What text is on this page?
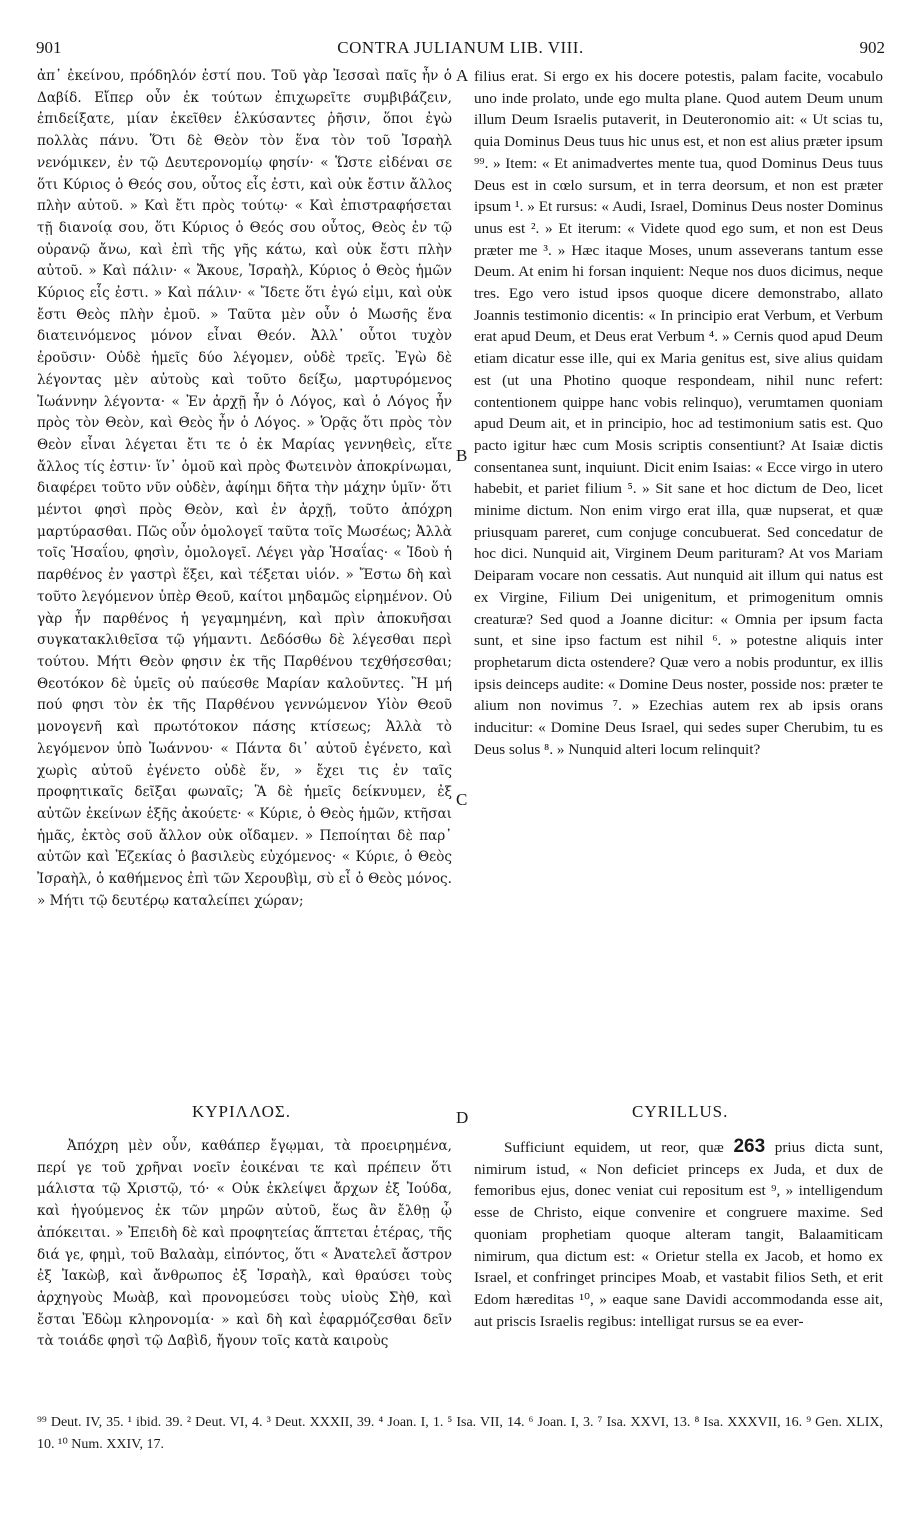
901	CONTRA JULIANUM LIB. VIII.	902

ἀπ᾽ ἐκείνου, πρόδηλόν ἐστί που. Τοῦ γὰρ Ἰεσσαὶ παῖς ἦν ὁ Δαβίδ. Εἴπερ οὖν ἐκ τούτων ἐπιχωρεῖτε συμβιβάζειν, ἐπιδείξατε, μίαν ἐκεῖθεν ἑλκύσαντες ῥῆσιν, ὅποι ἐγὼ πολλὰς πάνυ. Ὅτι δὲ Θεὸν τὸν ἕνα τὸν τοῦ Ἰσραὴλ νενόμικεν, ἐν τῷ Δευτερονομίῳ φησίν· « Ὥστε εἰδέναι σε ὅτι Κύριος ὁ Θεός σου, οὗτος εἷς ἐστι, καὶ οὐκ ἔστιν ἄλλος πλὴν αὐτοῦ. » Καὶ ἔτι πρὸς τούτῳ· « Καὶ ἐπιστραφήσεται τῇ διανοίᾳ σου, ὅτι Κύριος ὁ Θεός σου οὗτος, Θεὸς ἐν τῷ οὐρανῷ ἄνω, καὶ ἐπὶ τῆς γῆς κάτω, καὶ οὐκ ἔστι πλὴν αὐτοῦ. » Καὶ πάλιν· « Ἄκουε, Ἰσραὴλ, Κύριος ὁ Θεὸς ἡμῶν Κύριος εἷς ἐστι. » Καὶ πάλιν· « Ἴδετε ὅτι ἐγώ εἰμι, καὶ οὐκ ἔστι Θεὸς πλὴν ἐμοῦ. » Ταῦτα μὲν οὖν ὁ Μωσῆς ἕνα διατεινόμενος μόνον εἶναι Θεόν. Ἀλλ᾽ οὗτοι τυχὸν ἐροῦσιν· Οὐδὲ ἡμεῖς δύο λέγομεν, οὐδὲ τρεῖς. Ἐγὼ δὲ λέγοντας μὲν αὐτοὺς καὶ τοῦτο δείξω, μαρτυρόμενος Ἰωάννην λέγοντα· « Ἐν ἀρχῇ ἦν ὁ Λόγος, καὶ ὁ Λόγος ἦν πρὸς τὸν Θεὸν, καὶ Θεὸς ἦν ὁ Λόγος. » Ὁρᾷς ὅτι πρὸς τὸν Θεὸν εἶναι λέγεται ἔτι τε ὁ ἐκ Μαρίας γεννηθεὶς, εἴτε ἄλλος τίς ἐστιν· ἵν᾽ ὁμοῦ καὶ πρὸς Φωτεινὸν ἀποκρίνωμαι, διαφέρει τοῦτο νῦν οὐδὲν, ἀφίημι δῆτα τὴν μάχην ὑμῖν· ὅτι μέντοι φησὶ πρὸς Θεὸν, καὶ ἐν ἀρχῇ, τοῦτο ἀπόχρη μαρτύρασθαι. Πῶς οὖν ὁμολογεῖ ταῦτα τοῖς Μωσέως; Ἀλλὰ τοῖς Ἡσαΐου, φησὶν, ὁμολογεῖ. Λέγει γὰρ Ἡσαΐας· « Ἰδοὺ ἡ παρθένος ἐν γαστρὶ ἕξει, καὶ τέξεται υἱόν. » Ἔστω δὴ καὶ τοῦτο λεγόμενον ὑπὲρ Θεοῦ, καίτοι μηδαμῶς εἰρημένον. Οὐ γὰρ ἦν παρθένος ἡ γεγαμημένη, καὶ πρὶν ἀποκυῆσαι συγκατακλιθεῖσα τῷ γήμαντι. Δεδόσθω δὲ λέγεσθαι περὶ τούτου. Μήτι Θεὸν φησιν ἐκ τῆς Παρθένου τεχθήσεσθαι; Θεοτόκον δὲ ὑμεῖς οὐ παύεσθε Μαρίαν καλοῦντες. Ἢ μή πού φησι τὸν ἐκ τῆς Παρθένου γεννώμενον Υἱὸν Θεοῦ μονογενῆ καὶ πρωτότοκον πάσης κτίσεως; Ἀλλὰ τὸ λεγόμενον ὑπὸ Ἰωάννου· « Πάντα δι᾽ αὐτοῦ ἐγένετο, καὶ χωρὶς αὐτοῦ ἐγένετο οὐδὲ ἕν, » ἔχει τις ἐν ταῖς προφητικαῖς δεῖξαι φωναῖς; Ἃ δὲ ἡμεῖς δείκνυμεν, ἐξ αὐτῶν ἐκείνων ἑξῆς ἀκούετε· « Κύριε, ὁ Θεὸς ἡμῶν, κτῆσαι ἡμᾶς, ἐκτὸς σοῦ ἄλλον οὐκ οἴδαμεν. » Πεποίηται δὲ παρ᾽ αὐτῶν καὶ Ἐζεκίας ὁ βασιλεὺς εὐχόμενος· « Κύριε, ὁ Θεὸς Ἰσραὴλ, ὁ καθήμενος ἐπὶ τῶν Χερουβὶμ, σὺ εἶ ὁ Θεὸς μόνος. » Μήτι τῷ δευτέρῳ καταλείπει χώραν;

filius erat. Si ergo ex his docere potestis, palam facite, vocabulo uno inde prolato, unde ego multa plane. Quod autem Deum unum illum Deum Israelis putaverit, in Deuteronomio ait: « Ut scias tu, quia Dominus Deus tuus hic unus est, et non est alius præter ipsum ⁹⁹. » Item: « Et animadvertes mente tua, quod Dominus Deus tuus Deus est in cœlo sursum, et in terra deorsum, et non est præter ipsum ¹. » Et rursus: « Audi, Israel, Dominus Deus noster Dominus unus est ². » Et iterum: « Videte quod ego sum, et non est Deus præter me ³. » Hæc itaque Moses, unum asseverans tantum esse Deum. At enim hi forsan inquient: Neque nos duos dicimus, neque tres. Ego vero istud ipsos quoque dicere demonstrabo, allato Joannis testimonio dicentis: « In principio erat Verbum, et Verbum erat apud Deum, et Deus erat Verbum ⁴. » Cernis quod apud Deum etiam dicatur esse ille, qui ex Maria genitus est, sive alius quidam est (ut una Photino quoque respondeam, nihil nunc refert: contentionem quippe hanc vobis relinquo), verumtamen quoniam apud Deum ait, et in principio, hoc ad testimonium satis est. Quo pacto igitur hæc cum Mosis scriptis consentiunt? At Isaiæ dictis consentanea sunt, inquiunt. Dicit enim Isaias: « Ecce virgo in utero habebit, et pariet filium ⁵. » Sit sane et hoc dictum de Deo, licet minime dictum. Non enim virgo erat illa, quæ nupserat, et quæ priusquam pareret, cum conjuge concubuerat. Sed concedatur de hoc dici. Nunquid ait, Virginem Deum parituram? At vos Mariam Deiparam vocare non cessatis. Aut nunquid ait illum qui natus est ex Virgine, Filium Dei unigenitum, et primogenitum omnis creaturæ? Sed quod a Joanne dicitur: « Omnia per ipsum facta sunt, et sine ipso factum est nihil ⁶. » potestne aliquis inter prophetarum dicta ostendere? Quæ vero a nobis produntur, ex illis ipsis deinceps audite: « Domine Deus noster, posside nos: præter te alium non novimus ⁷. » Ezechias autem rex ab ipsis orans inducitur: « Domine Deus Israel, qui sedes super Cherubim, tu es Deus solus ⁸. » Nunquid alteri locum relinquit?

A
B
C
D
ΚΥΡΙΛΛΟΣ.	CYRILLUS.

Ἀπόχρη μὲν οὖν, καθάπερ ἔγῳμαι, τὰ προειρημένα, περί γε τοῦ χρῆναι νοεῖν ἐοικέναι τε καὶ πρέπειν ὅτι μάλιστα τῷ Χριστῷ, τό· « Οὐκ ἐκλείψει ἄρχων ἐξ Ἰούδα, καὶ ἡγούμενος ἐκ τῶν μηρῶν αὐτοῦ, ἕως ἂν ἔλθῃ ᾧ ἀπόκειται. » Ἐπειδὴ δὲ καὶ προφητείας ἅπτεται ἑτέρας, τῆς διά γε, φημὶ, τοῦ Βαλαὰμ, εἰπόντος, ὅτι « Ἀνατελεῖ ἄστρον ἐξ Ἰακὼβ, καὶ ἄνθρωπος ἐξ Ἰσραὴλ, καὶ θραύσει τοὺς ἀρχηγοὺς Μωὰβ, καὶ προνομεύσει τοὺς υἱοὺς Σὴθ, καὶ ἔσται Ἐδὼμ κληρονομία· » καὶ δὴ καὶ ἐφαρμόζεσθαι δεῖν τὰ τοιάδε φησὶ τῷ Δαβὶδ, ἤγουν τοῖς κατὰ καιροὺς

Sufficiunt equidem, ut reor, quæ 263 prius dicta sunt, nimirum istud, « Non deficiet princeps ex Juda, et dux de femoribus ejus, donec veniat cui repositum est ⁹, » intelligendum esse de Christo, eique convenire et congruere maxime. Sed quoniam prophetiam quoque alteram tangit, Balaamiticam nimirum, qua dictum est: « Orietur stella ex Jacob, et homo ex Israel, et confringet principes Moab, et vastabit filios Seth, et erit Edom hæreditas ¹⁰, » eaque sane Davidi accommodanda esse ait, aut priscis Israelis regibus: intelligat rursus se ea ever-

⁹⁹ Deut. IV, 35. ¹ ibid. 39. ² Deut. VI, 4. ³ Deut. XXXII, 39. ⁴ Joan. I, 1. ⁵ Isa. VII, 14. ⁶ Joan. I, 3. ⁷ Isa. XXVI, 13. ⁸ Isa. XXXVII, 16. ⁹ Gen. XLIX, 10. ¹⁰ Num. XXIV, 17.
